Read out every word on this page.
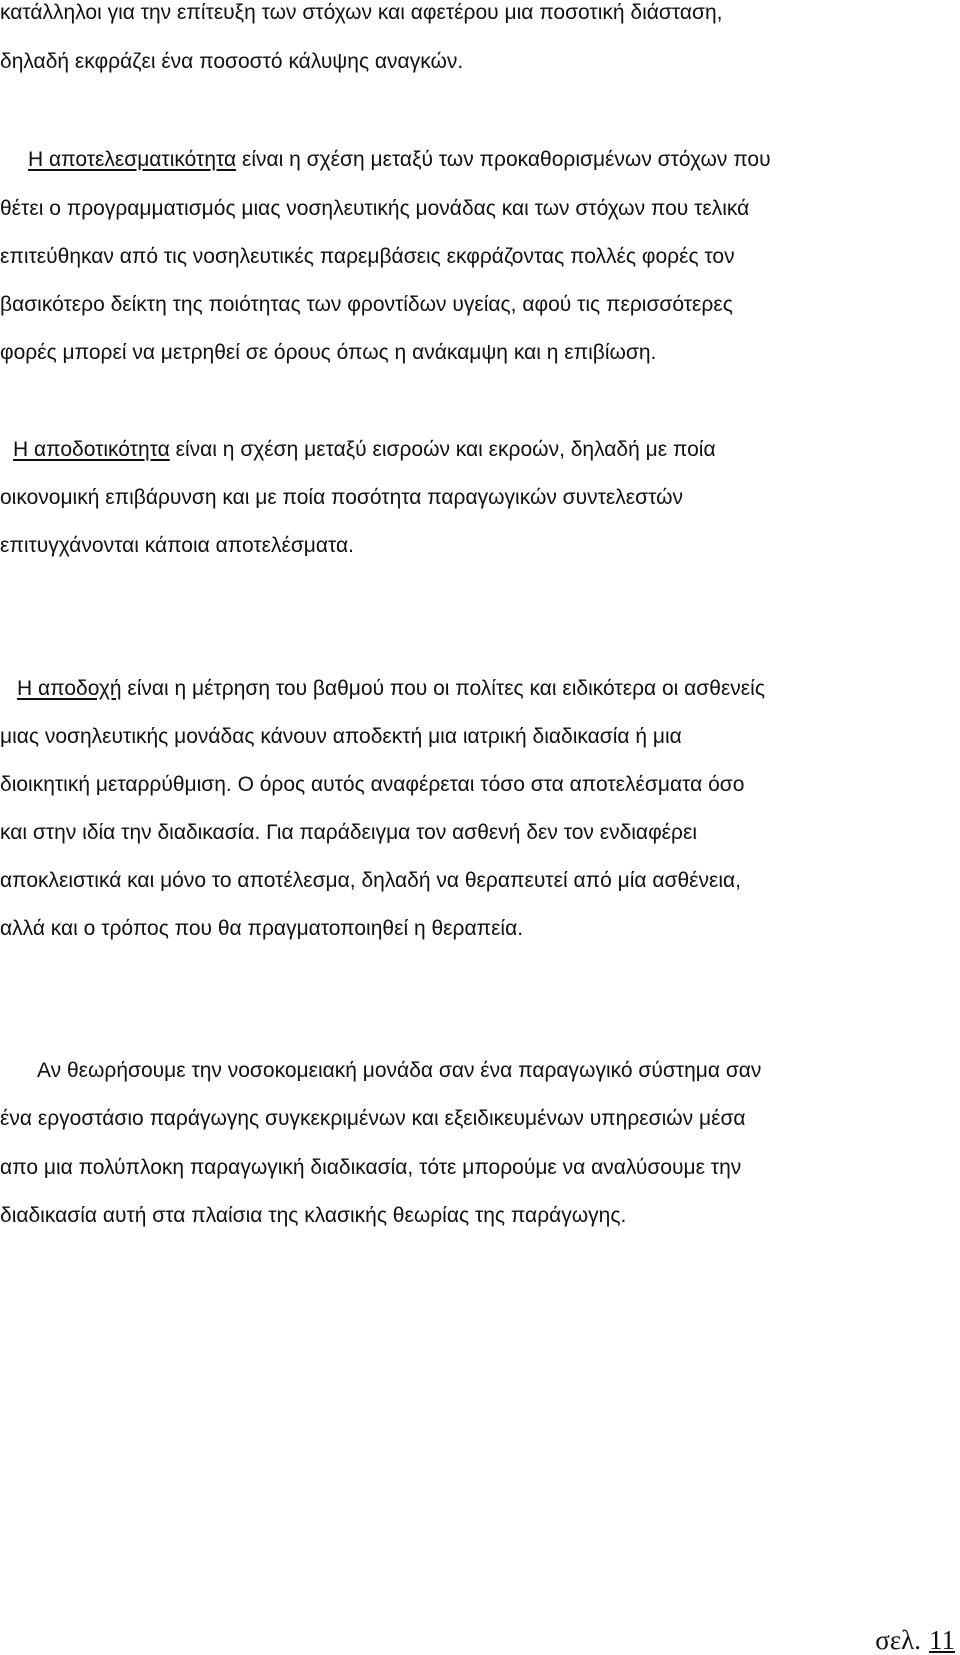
κατάλληλοι για την επίτευξη των στόχων και αφετέρου μια ποσοτική διάσταση,
δηλαδή εκφράζει ένα ποσοστό κάλυψης αναγκών.
Η αποτελεσματικότητα είναι η σχέση μεταξύ των προκαθορισμένων στόχων που
θέτει ο προγραμματισμός μιας νοσηλευτικής μονάδας και των στόχων που τελικά
επιτεύθηκαν από τις νοσηλευτικές παρεμβάσεις εκφράζοντας πολλές φορές τον
βασικότερο δείκτη της ποιότητας των φροντίδων υγείας, αφού τις περισσότερες
φορές μπορεί να μετρηθεί σε όρους όπως η ανάκαμψη και η επιβίωση.
Η αποδοτικότητα είναι η σχέση μεταξύ εισροών και εκροών, δηλαδή με ποία
οικονομική επιβάρυνση και με ποία ποσότητα παραγωγικών συντελεστών
επιτυγχάνονται κάποια αποτελέσματα.
Η αποδοχή είναι η μέτρηση του βαθμού που οι πολίτες και ειδικότερα οι ασθενείς
μιας νοσηλευτικής μονάδας κάνουν αποδεκτή μια ιατρική διαδικασία ή μια
διοικητική μεταρρύθμιση. Ο όρος αυτός αναφέρεται τόσο στα αποτελέσματα όσο
και στην ιδία την διαδικασία. Για παράδειγμα τον ασθενή δεν τον ενδιαφέρει
αποκλειστικά και μόνο το αποτέλεσμα, δηλαδή να θεραπευτεί από μία ασθένεια,
αλλά και ο τρόπος που θα πραγματοποιηθεί η θεραπεία.
Αν θεωρήσουμε την νοσοκομειακή μονάδα σαν ένα παραγωγικό σύστημα σαν
ένα εργοστάσιο παράγωγης συγκεκριμένων και εξειδικευμένων υπηρεσιών μέσα
απο μια πολύπλοκη παραγωγική διαδικασία, τότε μπορούμε να αναλύσουμε την
διαδικασία αυτή στα πλαίσια της κλασικής θεωρίας της παράγωγης.
σελ. 11
